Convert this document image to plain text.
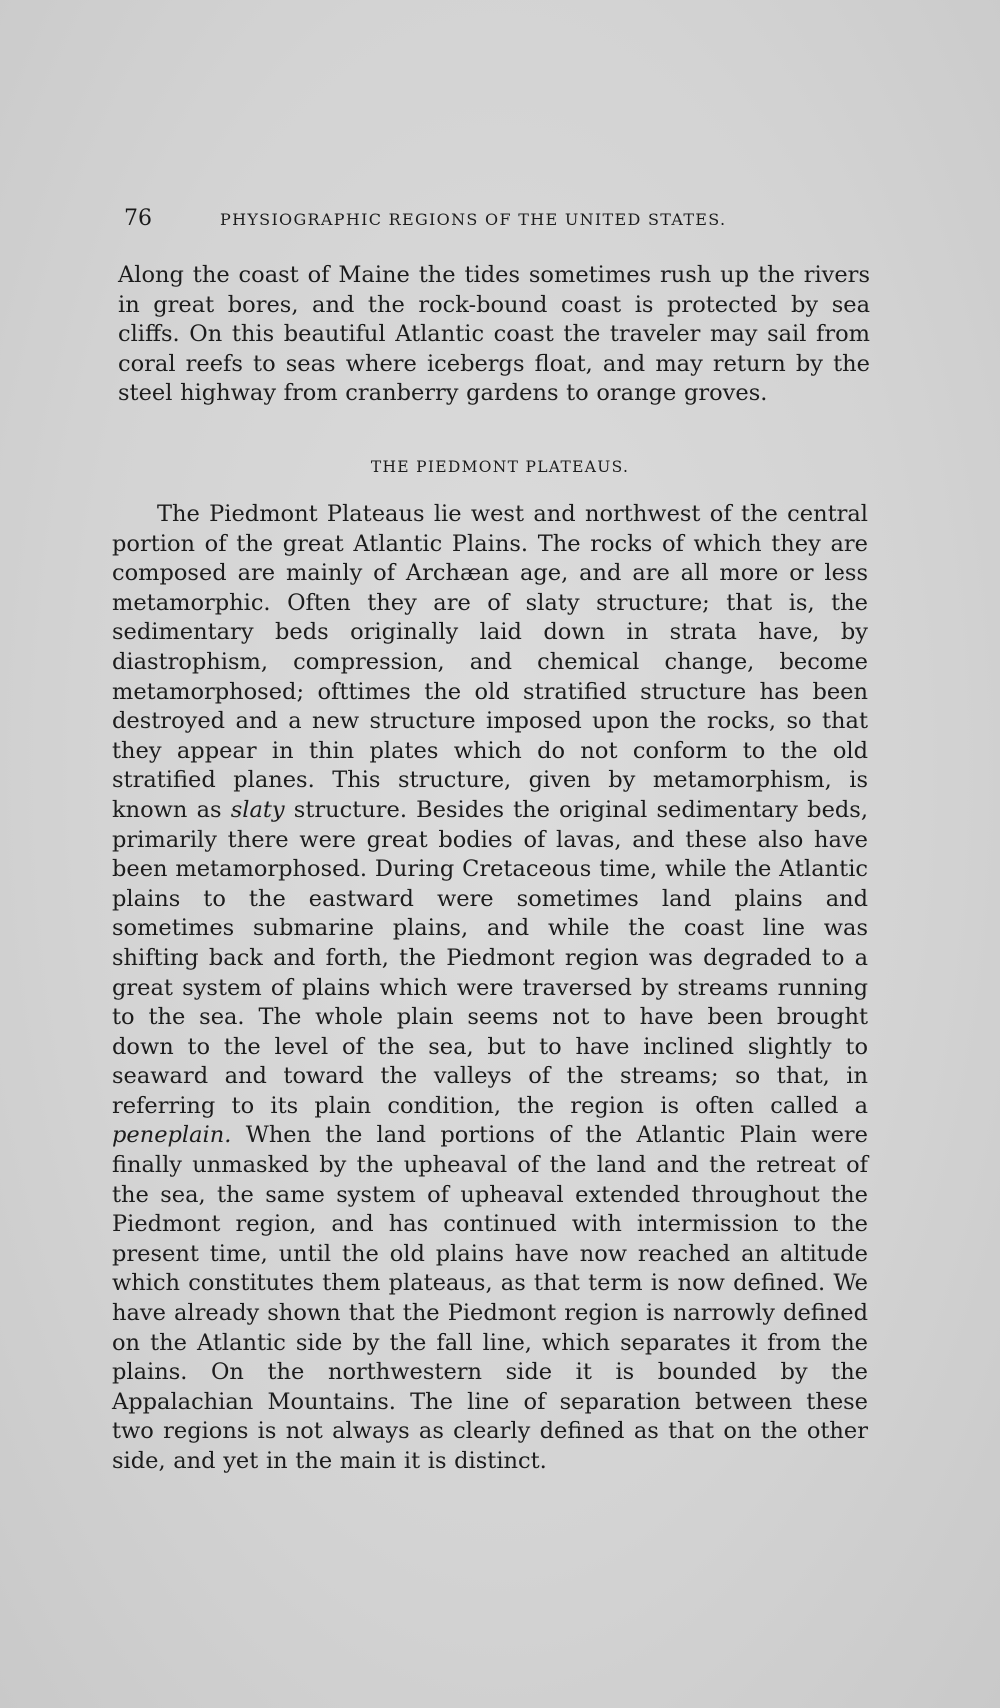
76	PHYSIOGRAPHIC REGIONS OF THE UNITED STATES.

Along the coast of Maine the tides sometimes rush up the rivers in great bores, and the rock-bound coast is protected by sea cliffs. On this beautiful Atlantic coast the traveler may sail from coral reefs to seas where icebergs float, and may return by the steel highway from cranberry gardens to orange groves.

THE PIEDMONT PLATEAUS.

The Piedmont Plateaus lie west and northwest of the central portion of the great Atlantic Plains. The rocks of which they are composed are mainly of Archæan age, and are all more or less metamorphic. Often they are of slaty structure; that is, the sedimentary beds originally laid down in strata have, by diastrophism, compression, and chemical change, become metamorphosed; ofttimes the old stratified structure has been destroyed and a new structure imposed upon the rocks, so that they appear in thin plates which do not conform to the old stratified planes. This structure, given by metamorphism, is known as slaty structure. Besides the original sedimentary beds, primarily there were great bodies of lavas, and these also have been metamorphosed. During Cretaceous time, while the Atlantic plains to the eastward were sometimes land plains and sometimes submarine plains, and while the coast line was shifting back and forth, the Piedmont region was degraded to a great system of plains which were traversed by streams running to the sea. The whole plain seems not to have been brought down to the level of the sea, but to have inclined slightly to seaward and toward the valleys of the streams; so that, in referring to its plain condition, the region is often called a peneplain. When the land portions of the Atlantic Plain were finally unmasked by the upheaval of the land and the retreat of the sea, the same system of upheaval extended throughout the Piedmont region, and has continued with intermission to the present time, until the old plains have now reached an altitude which constitutes them plateaus, as that term is now defined. We have already shown that the Piedmont region is narrowly defined on the Atlantic side by the fall line, which separates it from the plains. On the northwestern side it is bounded by the Appalachian Mountains. The line of separation between these two regions is not always as clearly defined as that on the other side, and yet in the main it is distinct.
